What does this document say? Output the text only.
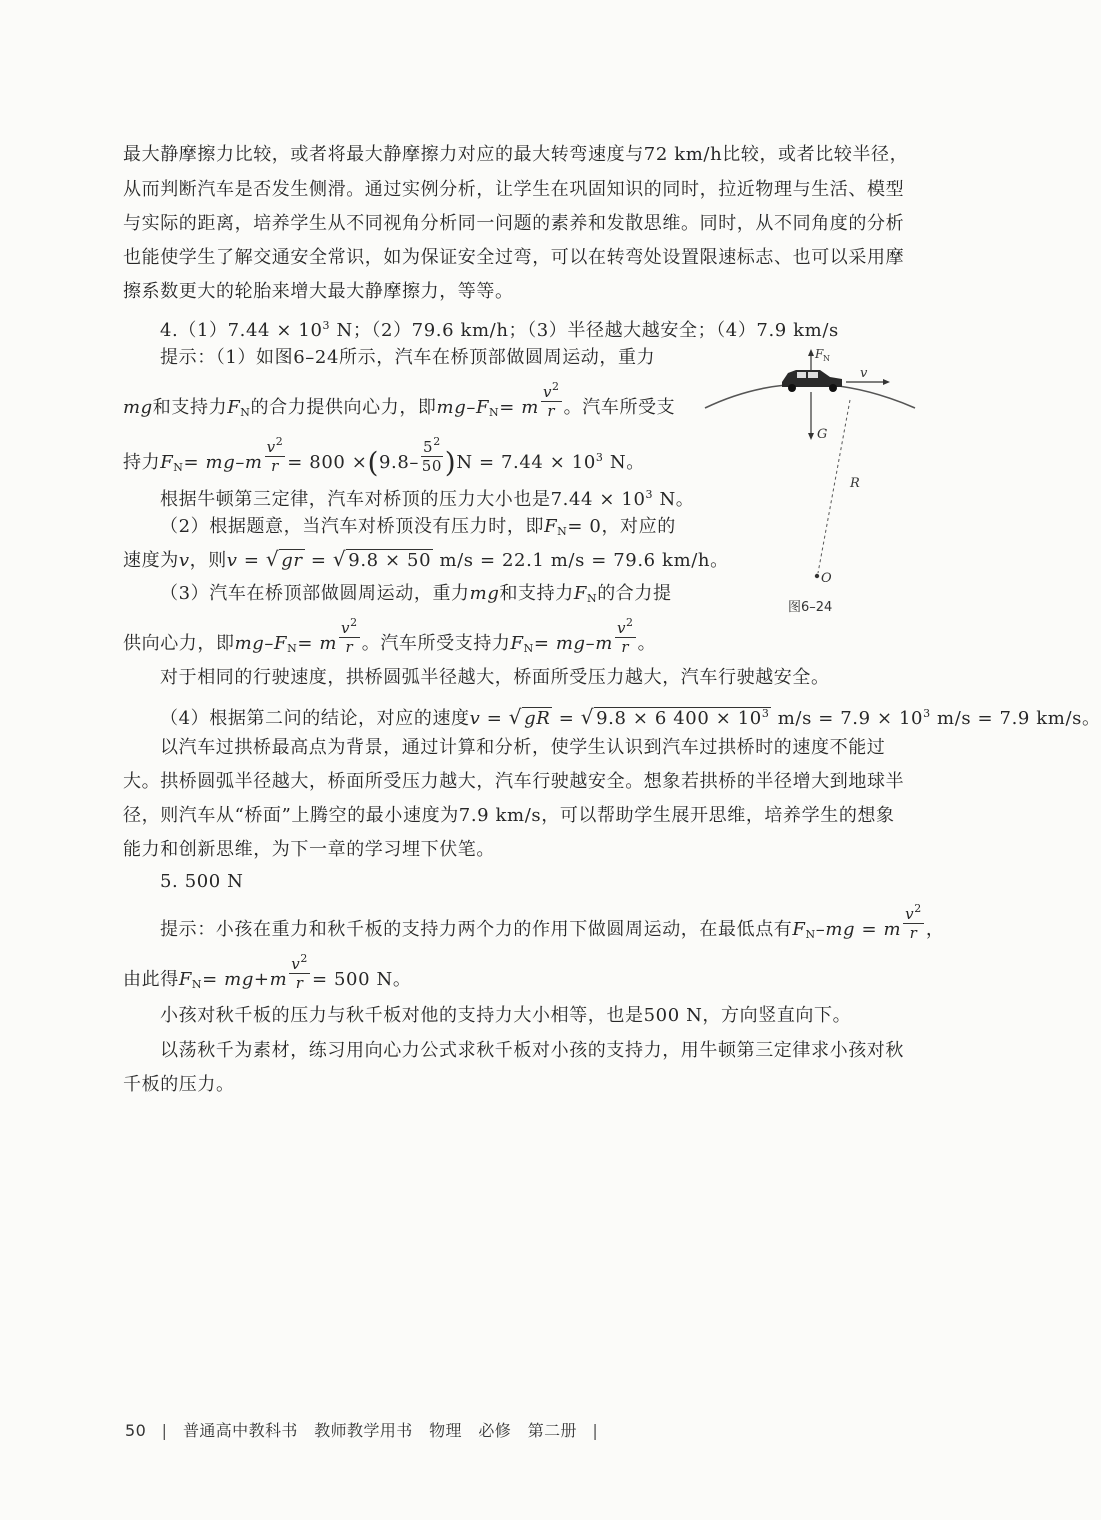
最大静摩擦力比较，或者将最大静摩擦力对应的最大转弯速度与72 km/h比较，或者比较半径，
从而判断汽车是否发生侧滑。通过实例分析，让学生在巩固知识的同时，拉近物理与生活、模型
与实际的距离，培养学生从不同视角分析同一问题的素养和发散思维。同时，从不同角度的分析
也能使学生了解交通安全常识，如为保证安全过弯，可以在转弯处设置限速标志、也可以采用摩
擦系数更大的轮胎来增大最大静摩擦力，等等。
$4.(1)7.44 \times 10^3$ N；（2）79.6 km/h；（3）半径越大越安全；（4）7.9 km/s
提示：（1）如图6–24所示，汽车在桥顶部做圆周运动，重力
mg和支持力$F_N$的合力提供向心力，即$mg-F_N= m \frac{v^2}{r}$ 。汽车所受支
持力$F_N= mg-m \frac{v^2}{r} = 800 \times(9.8- \frac{5^2}{50} )N = 7.44 \times 10^3$ N。
根据牛顿第三定律，汽车对桥顶的压力大小也是$7.44 \times 10^3$ N。
（2）根据题意，当汽车对桥顶没有压力时，即$F_N= 0$，对应的
速度为v，则v = √ gr = √ 9.8 × 50 m/s = 22.1 m/s = 79.6 km/h。
（3）汽车在桥顶部做圆周运动，重力mg和支持力$F_N$的合力提
供向心力，即$mg-F_N= m \frac{v^2}{r}$ 。汽车所受支持力$F_N= mg-m \frac{v^2}{r}$ 。
对于相同的行驶速度，拱桥圆弧半径越大，桥面所受压力越大，汽车行驶越安全。
（4）根据第二问的结论，对应的速度v = √ gR = √ 9.8 × 6 $400 \times 10^3$ $m/s = 7.9 \times 10^3$ m/s = 7.9 km/s。
以汽车过拱桥最高点为背景，通过计算和分析，使学生认识到汽车过拱桥时的速度不能过
大。拱桥圆弧半径越大，桥面所受压力越大，汽车行驶越安全。想象若拱桥的半径增大到地球半
径，则汽车从“桥面”上腾空的最小速度为7.9 km/s，可以帮助学生展开思维，培养学生的想象
能力和创新思维，为下一章的学习埋下伏笔。
5. 500 N
提示：小孩在重力和秋千板的支持力两个力的作用下做圆周运动，在最低点有$F_N-mg = m \frac{v^2}{r}$ ，
由此得$F_N= mg+m \frac{v^2}{r} = 500$ N。
小孩对秋千板的压力与秋千板对他的支持力大小相等，也是500 N，方向竖直向下。
以荡秋千为素材，练习用向心力公式求秋千板对小孩的支持力，用牛顿第三定律求小孩对秋
千板的压力。
F N
v
G
R
O
图6–24
50 | 普通高中教科书 教师教学用书 物理 必修 第二册 |
